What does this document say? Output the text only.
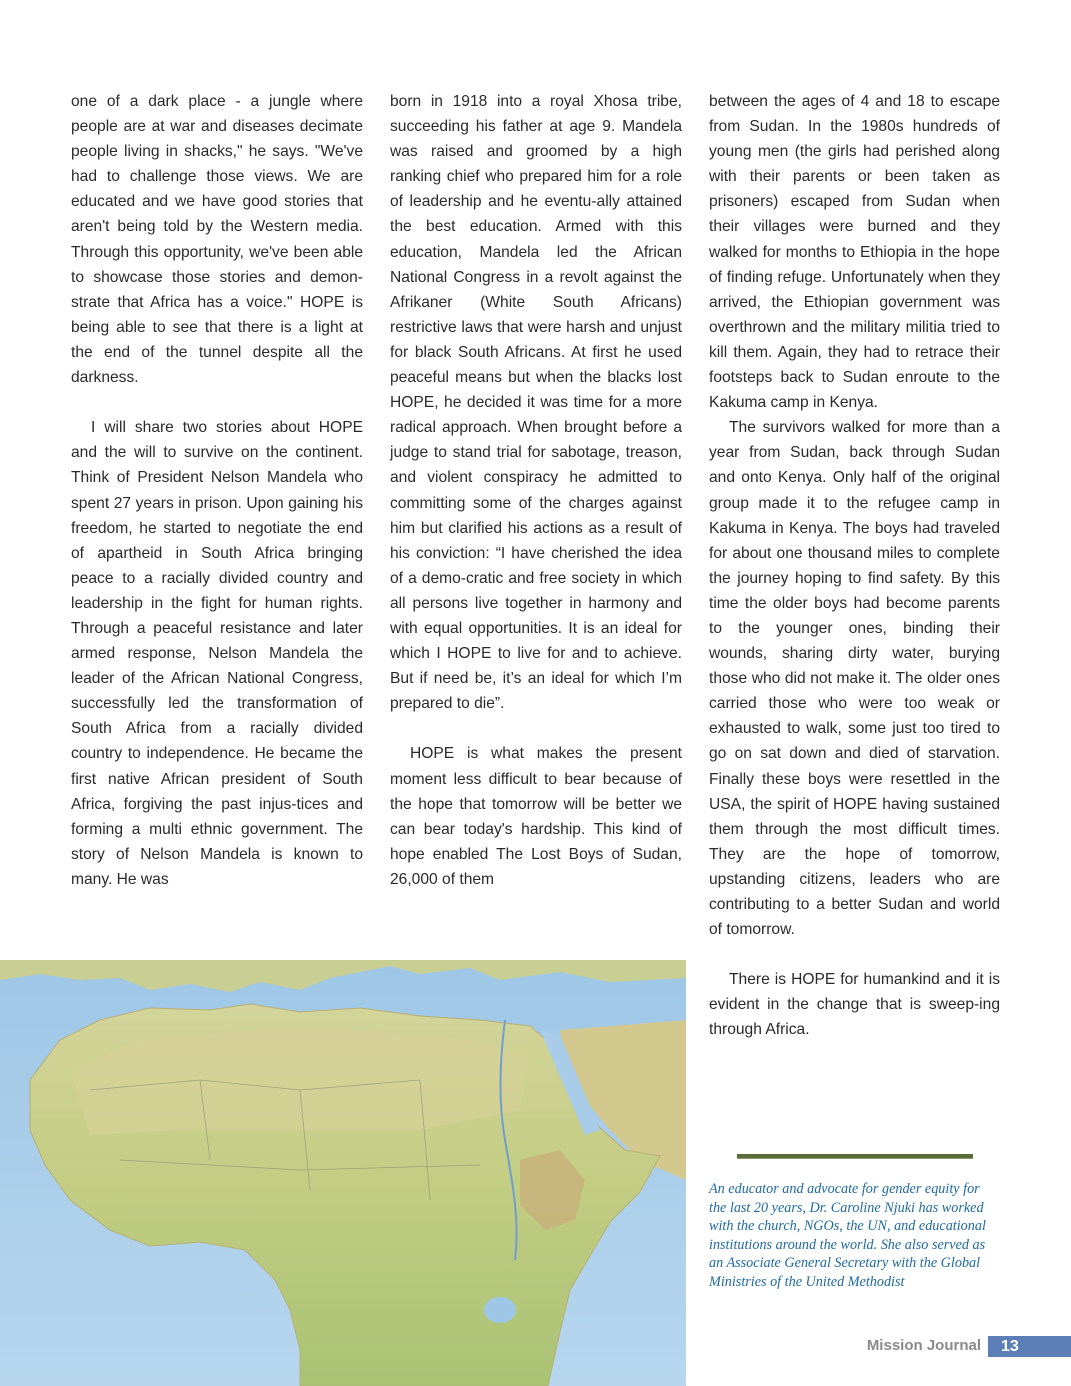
one of a dark place - a jungle where people are at war and diseases decimate people living in shacks," he says. "We've had to challenge those views. We are educated and we have good stories that aren't being told by the Western media. Through this opportunity, we've been able to showcase those stories and demon-strate that Africa has a voice." HOPE is being able to see that there is a light at the end of the tunnel despite all the darkness.

I will share two stories about HOPE and the will to survive on the continent. Think of President Nelson Mandela who spent 27 years in prison. Upon gaining his freedom, he started to negotiate the end of apartheid in South Africa bringing peace to a racially divided country and leadership in the fight for human rights. Through a peaceful resistance and later armed response, Nelson Mandela the leader of the African National Congress, successfully led the transformation of South Africa from a racially divided country to independence. He became the first native African president of South Africa, forgiving the past injus-tices and forming a multi ethnic government. The story of Nelson Mandela is known to many. He was

born in 1918 into a royal Xhosa tribe, succeeding his father at age 9. Mandela was raised and groomed by a high ranking chief who prepared him for a role of leadership and he eventu-ally attained the best education. Armed with this education, Mandela led the African National Congress in a revolt against the Afrikaner (White South Africans) restrictive laws that were harsh and unjust for black South Africans. At first he used peaceful means but when the blacks lost HOPE, he decided it was time for a more radical approach. When brought before a judge to stand trial for sabotage, treason, and violent conspiracy he admitted to committing some of the charges against him but clarified his actions as a result of his conviction: “I have cherished the idea of a demo-cratic and free society in which all persons live together in harmony and with equal opportunities. It is an ideal for which I HOPE to live for and to achieve. But if need be, it’s an ideal for which I’m prepared to die”.

HOPE is what makes the present moment less difficult to bear because of the hope that tomorrow will be better we can bear today's hardship. This kind of hope enabled The Lost Boys of Sudan, 26,000 of them

between the ages of 4 and 18 to escape from Sudan. In the 1980s hundreds of young men (the girls had perished along with their parents or been taken as prisoners) escaped from Sudan when their villages were burned and they walked for months to Ethiopia in the hope of finding refuge. Unfortunately when they arrived, the Ethiopian government was overthrown and the military militia tried to kill them. Again, they had to retrace their footsteps back to Sudan enroute to the Kakuma camp in Kenya.

The survivors walked for more than a year from Sudan, back through Sudan and onto Kenya. Only half of the original group made it to the refugee camp in Kakuma in Kenya. The boys had traveled for about one thousand miles to complete the journey hoping to find safety. By this time the older boys had become parents to the younger ones, binding their wounds, sharing dirty water, burying those who did not make it. The older ones carried those who were too weak or exhausted to walk, some just too tired to go on sat down and died of starvation. Finally these boys were resettled in the USA, the spirit of HOPE having sustained them through the most difficult times. They are the hope of tomorrow, upstanding citizens, leaders who are contributing to a better Sudan and world of tomorrow.

There is HOPE for humankind and it is evident in the change that is sweep-ing through Africa.

An educator and advocate for gender equity for the last 20 years, Dr. Caroline Njuki has worked with the church, NGOs, the UN, and educational institutions around the world. She also served as an Associate General Secretary with the Global Ministries of the United Methodist
Mission Journal 13
